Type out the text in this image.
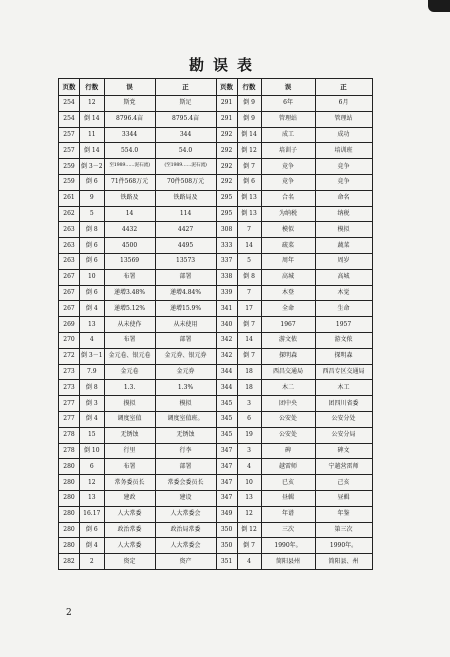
勘误表
页数	行数	误	正	页数	行数	误	正
254	12	斯党	斯足	291	倒 9	6年	6月
254	倒 14	8796.4亩	8795.4亩	291	倒 9	管理站	管理站
257	11	3344	344	292	倒 14	成工	成功
257	倒 14	554.0	54.0	292	倒 12	培训子	培训班
259	倒 3－2	至1989……泥石流)	(至1989……泥石流)	292	倒 7	竟争	竞争
259	倒 6	71件568万元	70件508万元	292	倒 6	竟争	竞争
261	9	铁路及	铁路局及	295	倒 13	合名	命名
262	5	14	114	295	倒 13	为纳税	纳税
263	倒 8	4432	4427	308	7	模似	模拟
263	倒 6	4500	4495	333	14	疏菜	蔬菜
263	倒 6	13569	13573	337	5	周年	周岁
267	10	布署	部署	338	倒 8	高城	高城
267	倒 6	递增3.48%	递增4.84%	339	7	木登	木觉
267	倒 4	递增5.12%	递增15.9%	341	17	全命	生命
269	13	从未使作	从未使用	340	倒 7	1967	1957
270	4	布署	部署	342	14	游文侬	游文侬
272	倒 3－1	金元卷、银元卷	金元券、银元券	342	倒 7	探明森	探明森
273	7.9	金元卷	金元券	344	18	西昌交通局	西昌专区交通局
273	倒 8	1.3.	1.3%	344	18	木二	木工
277	倒 3	摸拟	模拟	345	3	团中央	团四川省委
277	倒 4	调度室值	调度室值班。	345	6	公安处	公安分处
278	15	无锈蚀	无锈蚀	345	19	公安处	公安分局
278	倒 10	行里	行李	347	3	碑	碑文
280	6	布署	部署	347	4	越雷师	宁越营雷师
280	12	常务委员长	常委会委员长	347	10	已亥	己亥
280	13	建政	建设	347	13	昼輯	昼輯
280	16.17	人大常委	人大常委会	349	12	年谱	年鉴
280	倒 6	政治常委	政治局常委	350	倒 12	三次	第三次
280	倒 4	人大常委	人大常委会	350	倒 7	1990年。	1990年。
282	2	资定	资产	351	4	简阳县州	简阳县、州
2
